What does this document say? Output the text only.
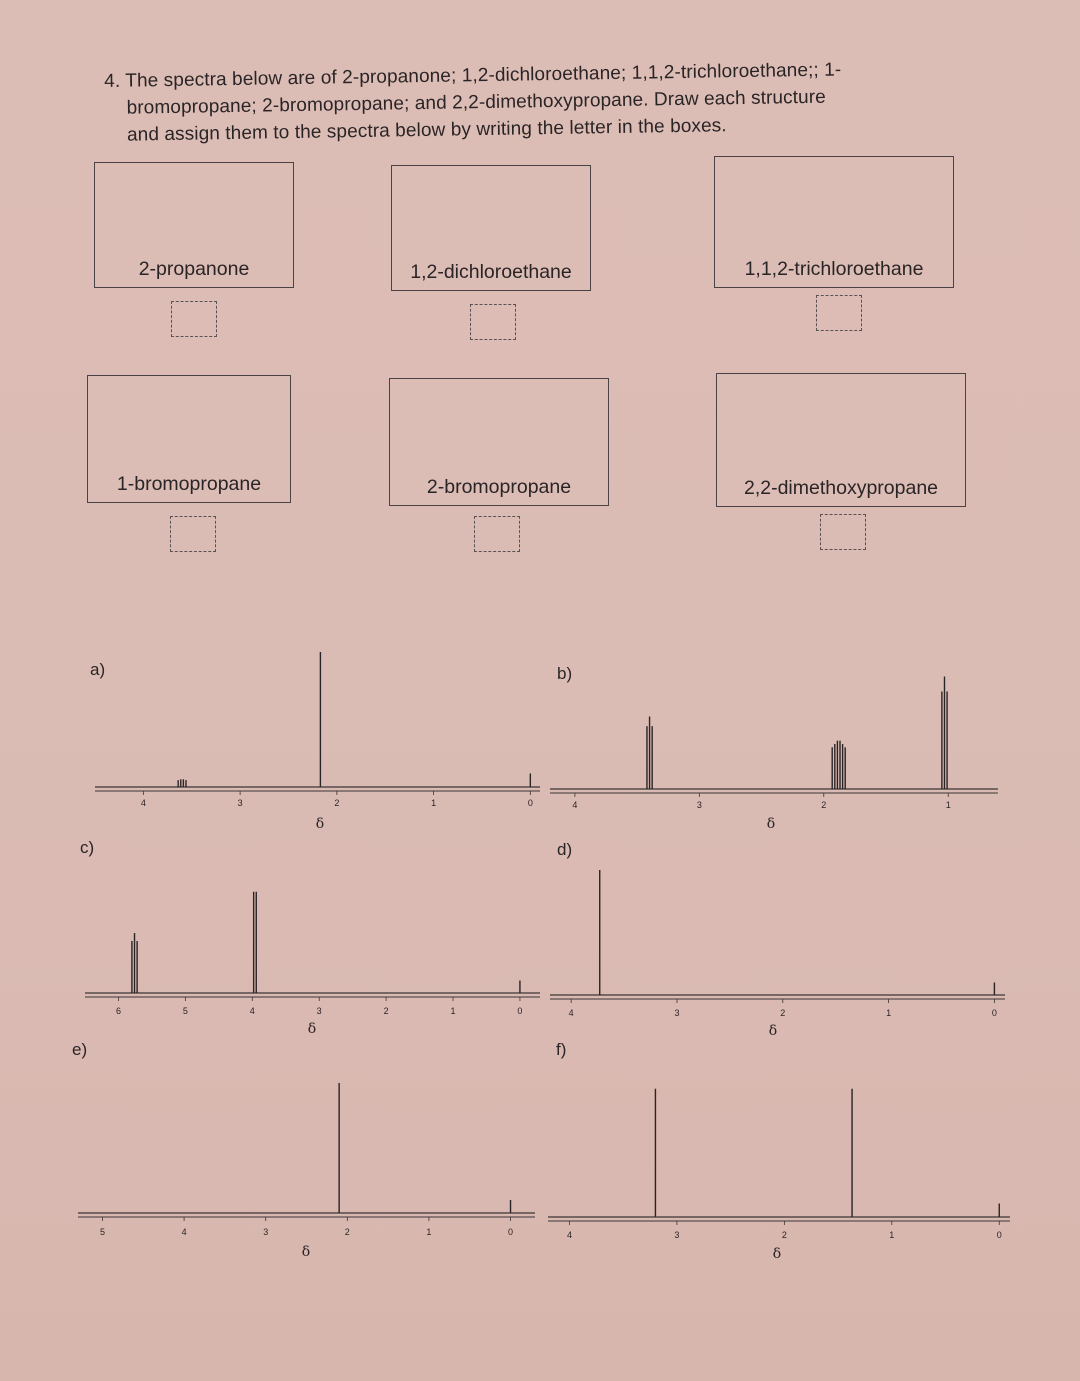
4. The spectra below are of 2-propanone; 1,2-dichloroethane; 1,1,2-trichloroethane;; 1-
bromopropane; 2-bromopropane; and 2,2-dimethoxypropane. Draw each structure
and assign them to the spectra below by writing the letter in the boxes.
2-propanone	1,2-dichloroethane	1,1,2-trichloroethane
1-bromopropane	2-bromopropane	2,2-dimethoxypropane
a)	b)
c)	d)
e)	f)
4	3	2	1	0
δ
4	3	2	1
δ
6	5	4	3	2	1	0
δ
4	3	2	1	0
δ
5	4	3	2	1	0
δ
4	3	2	1	0
δ
